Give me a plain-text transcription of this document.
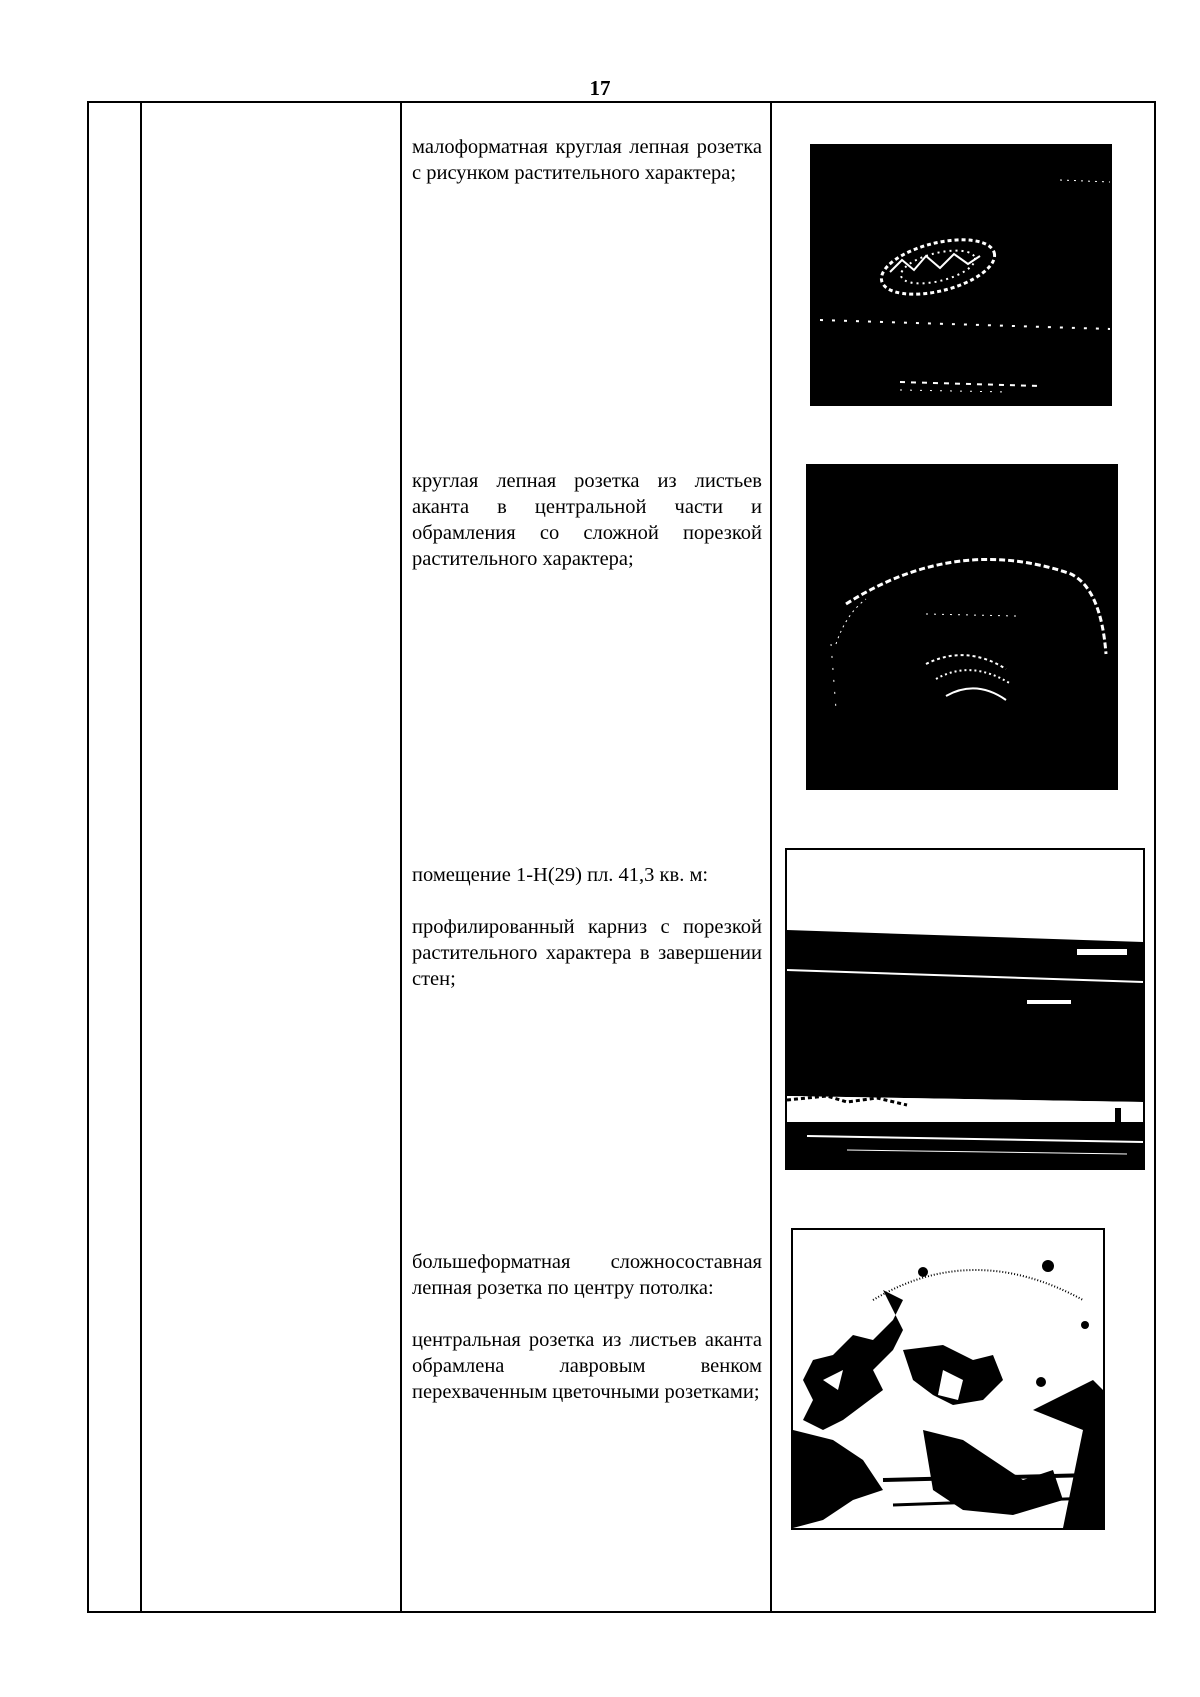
17

малоформатная круглая лепная розетка с рисунком растительного характера;

круглая лепная розетка из листьев аканта в центральной части и обрамления со сложной порезкой растительного характера;

помещение 1-Н(29) пл. 41,3 кв. м:

профилированный карниз с порезкой растительного характера в завершении стен;

большеформатная сложносоставная лепная розетка по центру потолка:

центральная розетка из листьев аканта обрамлена лавровым венком перехваченным цветочными розетками;
